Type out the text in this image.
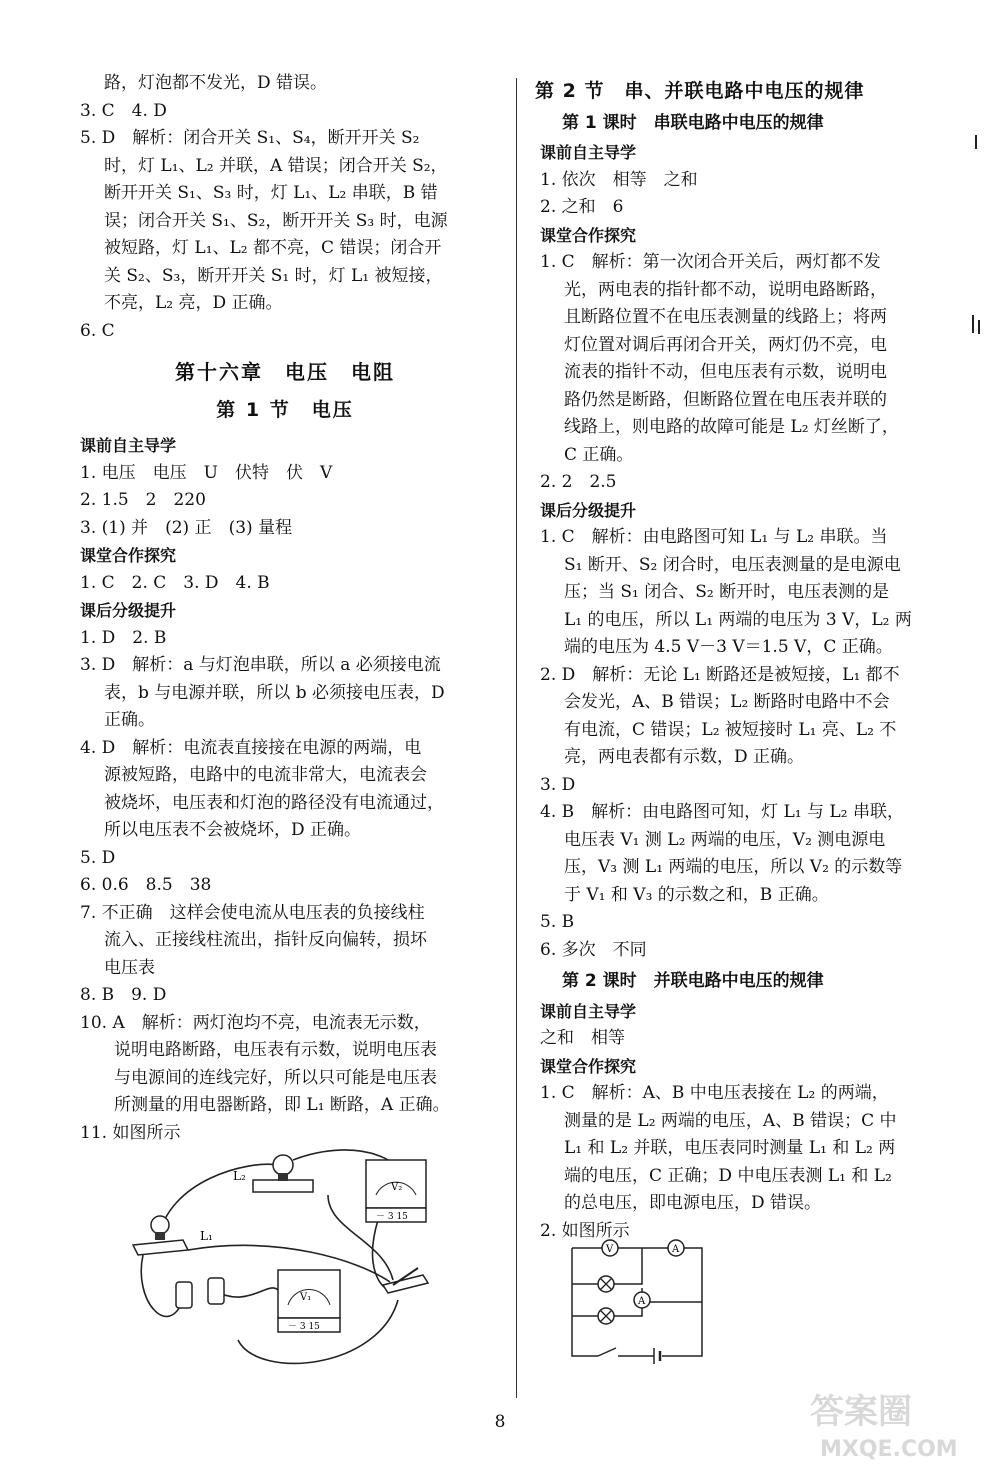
路，灯泡都不发光，D 错误。
3. C　4. D
5. D　解析：闭合开关 S₁、S₄，断开开关 S₂
时，灯 L₁、L₂ 并联，A 错误；闭合开关 S₂，
断开开关 S₁、S₃ 时，灯 L₁、L₂ 串联，B 错
误；闭合开关 S₁、S₂，断开开关 S₃ 时，电源
被短路，灯 L₁、L₂ 都不亮，C 错误；闭合开
关 S₂、S₃，断开开关 S₁ 时，灯 L₁ 被短接，
不亮，L₂ 亮，D 正确。
6. C
第十六章　电压　电阻
第 1 节　电压
课前自主导学
1. 电压　电压　U　伏特　伏　V
2. 1.5　2　220
3. (1) 并　(2) 正　(3) 量程
课堂合作探究
1. C　2. C　3. D　4. B
课后分级提升
1. D　2. B
3. D　解析：a 与灯泡串联，所以 a 必须接电流
表，b 与电源并联，所以 b 必须接电压表，D
正确。
4. D　解析：电流表直接接在电源的两端，电
源被短路，电路中的电流非常大，电流表会
被烧坏，电压表和灯泡的路径没有电流通过，
所以电压表不会被烧坏，D 正确。
5. D
6. 0.6　8.5　38
7. 不正确　这样会使电流从电压表的负接线柱
流入、正接线柱流出，指针反向偏转，损坏
电压表
8. B　9. D
10. A　解析：两灯泡均不亮，电流表无示数，
说明电路断路，电压表有示数，说明电压表
与电源间的连线完好，所以只可能是电压表
所测量的用电器断路，即 L₁ 断路，A 正确。
11. 如图所示
第 2 节　串、并联电路中电压的规律
第 1 课时　串联电路中电压的规律
课前自主导学
1. 依次　相等　之和
2. 之和　6
课堂合作探究
1. C　解析：第一次闭合开关后，两灯都不发
光，两电表的指针都不动，说明电路断路，
且断路位置不在电压表测量的线路上；将两
灯位置对调后再闭合开关，两灯仍不亮，电
流表的指针不动，但电压表有示数，说明电
路仍然是断路，但断路位置在电压表并联的
线路上，则电路的故障可能是 L₂ 灯丝断了，
C 正确。
2. 2　2.5
课后分级提升
1. C　解析：由电路图可知 L₁ 与 L₂ 串联。当
S₁ 断开、S₂ 闭合时，电压表测量的是电源电
压；当 S₁ 闭合、S₂ 断开时，电压表测的是
L₁ 的电压，所以 L₁ 两端的电压为 3 V，L₂ 两
端的电压为 4.5 V－3 V＝1.5 V，C 正确。
2. D　解析：无论 L₁ 断路还是被短接，L₁ 都不
会发光，A、B 错误；L₂ 断路时电路中不会
有电流，C 错误；L₂ 被短接时 L₁ 亮、L₂ 不
亮，两电表都有示数，D 正确。
3. D
4. B　解析：由电路图可知，灯 L₁ 与 L₂ 串联，
电压表 V₁ 测 L₂ 两端的电压，V₂ 测电源电
压，V₃ 测 L₁ 两端的电压，所以 V₂ 的示数等
于 V₁ 和 V₃ 的示数之和，B 正确。
5. B
6. 多次　不同
第 2 课时　并联电路中电压的规律
课前自主导学
之和　相等
课堂合作探究
1. C　解析：A、B 中电压表接在 L₂ 的两端，
测量的是 L₂ 两端的电压，A、B 错误；C 中
L₁ 和 L₂ 并联，电压表同时测量 L₁ 和 L₂ 两
端的电压，C 正确；D 中电压表测 L₁ 和 L₂
的总电压，即电源电压，D 错误。
2. 如图所示
L₂
L₁
V₂
－ 3 15
V₁
－ 3 15
V	A
A
8	答案圈
MXQE.COM
